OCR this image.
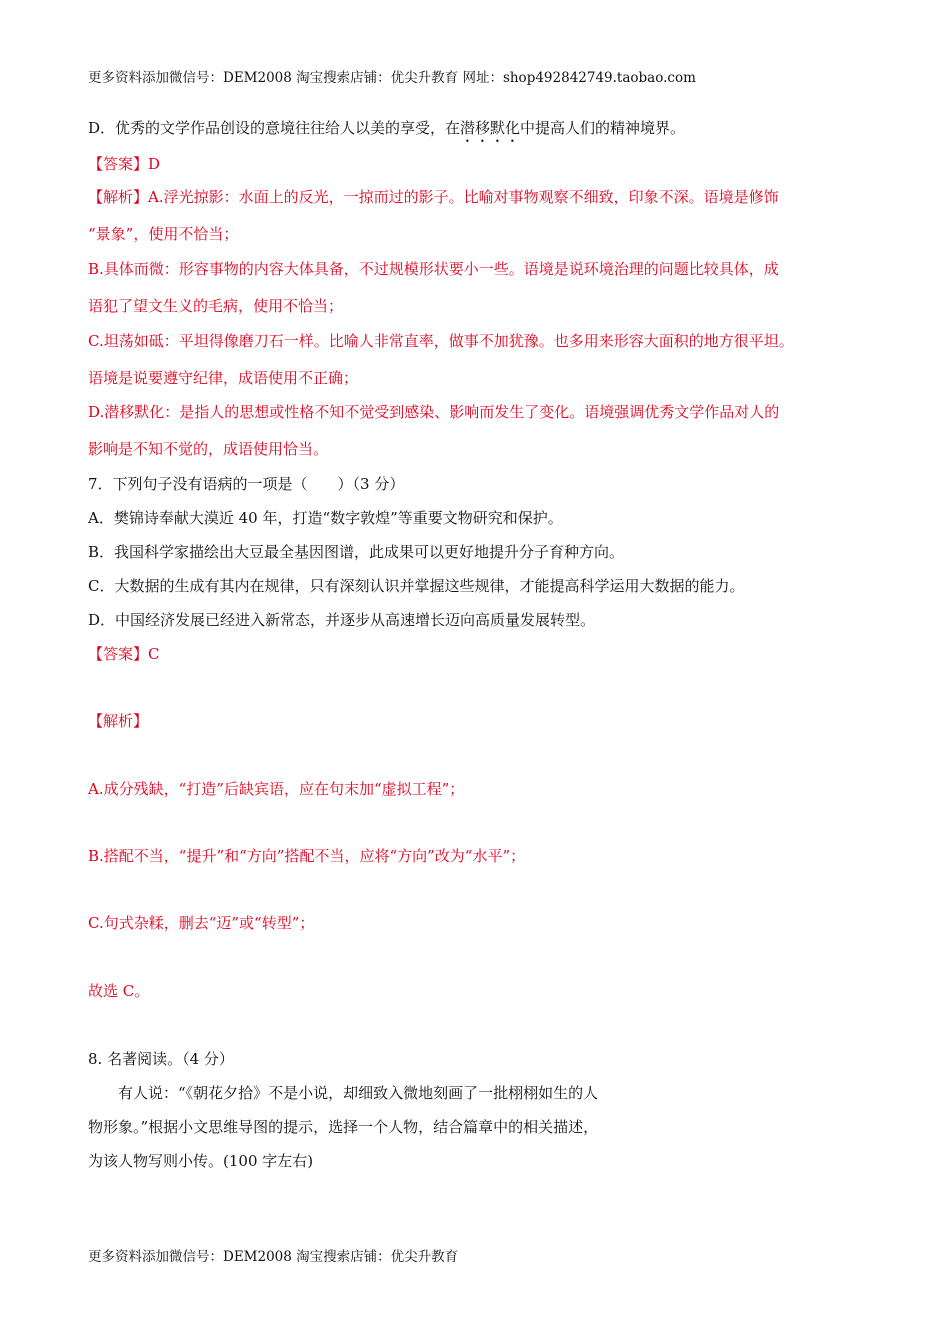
更多资料添加微信号：DEM2008 淘宝搜索店铺：优尖升教育 网址：shop492842749.taobao.com
D．优秀的文学作品创设的意境往往给人以美的享受，在潜移默化中提高人们的精神境界。
【答案】D
【解析】A.浮光掠影：水面上的反光，一掠而过的影子。比喻对事物观察不细致，印象不深。语境是修饰
“景象”，使用不恰当；
B.具体而微：形容事物的内容大体具备，不过规模形状要小一些。语境是说环境治理的问题比较具体，成
语犯了望文生义的毛病，使用不恰当；
C.坦荡如砥：平坦得像磨刀石一样。比喻人非常直率，做事不加犹豫。也多用来形容大面积的地方很平坦。
语境是说要遵守纪律，成语使用不正确；
D.潜移默化：是指人的思想或性格不知不觉受到感染、影响而发生了变化。语境强调优秀文学作品对人的
影响是不知不觉的，成语使用恰当。
7．下列句子没有语病的一项是（　　）（3 分）
A．樊锦诗奉献大漠近 40 年，打造“数字敦煌”等重要文物研究和保护。
B．我国科学家描绘出大豆最全基因图谱，此成果可以更好地提升分子育种方向。
C．大数据的生成有其内在规律，只有深刻认识并掌握这些规律，才能提高科学运用大数据的能力。
D．中国经济发展已经进入新常态，并逐步从高速增长迈向高质量发展转型。
【答案】C
【解析】
A.成分残缺，“打造”后缺宾语，应在句末加“虚拟工程”；
B.搭配不当，“提升”和“方向”搭配不当，应将“方向”改为“水平”；
C.句式杂糅，删去“迈”或“转型”；
故选 C。
8. 名著阅读。（4 分）
有人说：“《朝花夕拾》不是小说，却细致入微地刻画了一批栩栩如生的人
物形象。”根据小文思维导图的提示，选择一个人物，结合篇章中的相关描述，
为该人物写则小传。(100 字左右)
更多资料添加微信号：DEM2008 淘宝搜索店铺：优尖升教育
